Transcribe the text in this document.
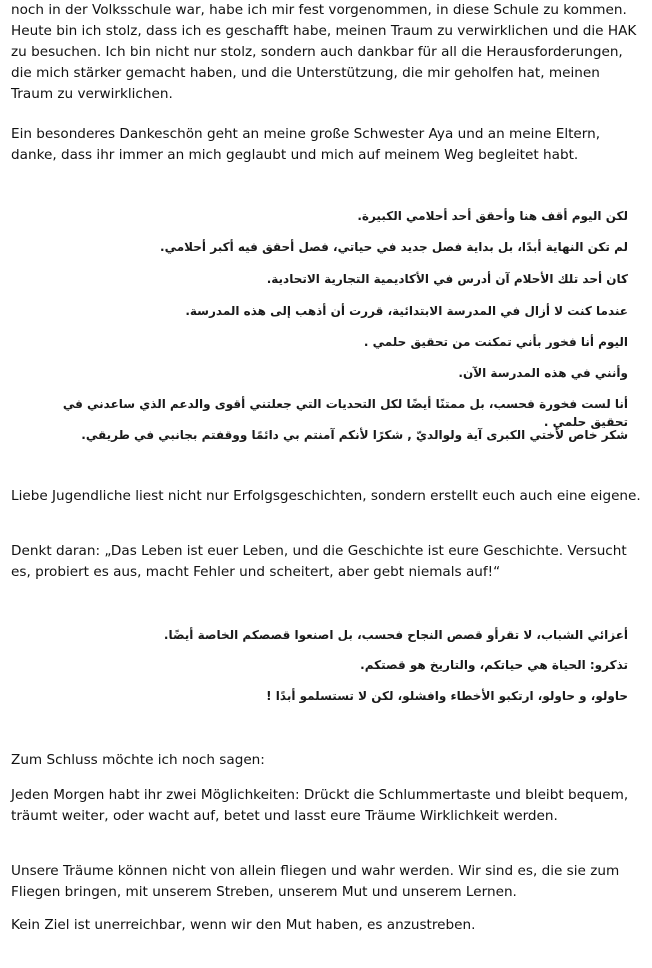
noch in der Volksschule war, habe ich mir fest vorgenommen, in diese Schule zu kommen. Heute bin ich stolz, dass ich es geschafft habe, meinen Traum zu verwirklichen und die HAK zu besuchen. Ich bin nicht nur stolz, sondern auch dankbar für all die Herausforderungen, die mich stärker gemacht haben, und die Unterstützung, die mir geholfen hat, meinen Traum zu verwirklichen.

Ein besonderes Dankeschön geht an meine große Schwester Aya und an meine Eltern, danke, dass ihr immer an mich geglaubt und mich auf meinem Weg begleitet habt.

لكن اليوم أقف هنا وأحقق أحد أحلامي الكبيرة.

لم تكن النهاية أبدًا، بل بداية فصل جديد في حياتي، فصل أحقق فيه أكبر أحلامي.

كان أحد تلك الأحلام آن أدرس في الأكاديمية التجارية الاتحادية.

عندما كنت لا أزال في المدرسة الابتدائية، قررت أن أذهب إلى هذه المدرسة.

اليوم أنا فخور بأني تمكنت من تحقيق حلمي .

وأنني في هذه المدرسة الآن.

أنا لست فخورة فحسب، بل ممتنًا أيضًا لكل التحديات التي جعلتني أقوى والدعم الذي ساعدني في تحقيق حلمي .

شكر خاص لأختي الكبرى آية ولوالديّ , شكرًا لأنكم آمنتم بي دائمًا ووقفتم بجانبي في طريقي.

Liebe Jugendliche liest nicht nur Erfolgsgeschichten, sondern erstellt euch auch eine eigene.

Denkt daran: „Das Leben ist euer Leben, und die Geschichte ist eure Geschichte. Versucht es, probiert es aus, macht Fehler und scheitert, aber gebt niemals auf!“

أعزائي الشباب، لا تقرأو قصص النجاح فحسب، بل اصنعوا قصصكم الخاصة أيضًا.

تذكرو: الحياة هي حياتكم، والتاريخ هو قصتكم.

حاولو، و حاولو، ارتكبو الأخطاء وافشلو، لكن لا تستسلمو أبدًا !

Zum Schluss möchte ich noch sagen:

Jeden Morgen habt ihr zwei Möglichkeiten: Drückt die Schlummertaste und bleibt bequem, träumt weiter, oder wacht auf, betet und lasst eure Träume Wirklichkeit werden.

Unsere Träume können nicht von allein fliegen und wahr werden. Wir sind es, die sie zum Fliegen bringen, mit unserem Streben, unserem Mut und unserem Lernen.

Kein Ziel ist unerreichbar, wenn wir den Mut haben, es anzustreben.
